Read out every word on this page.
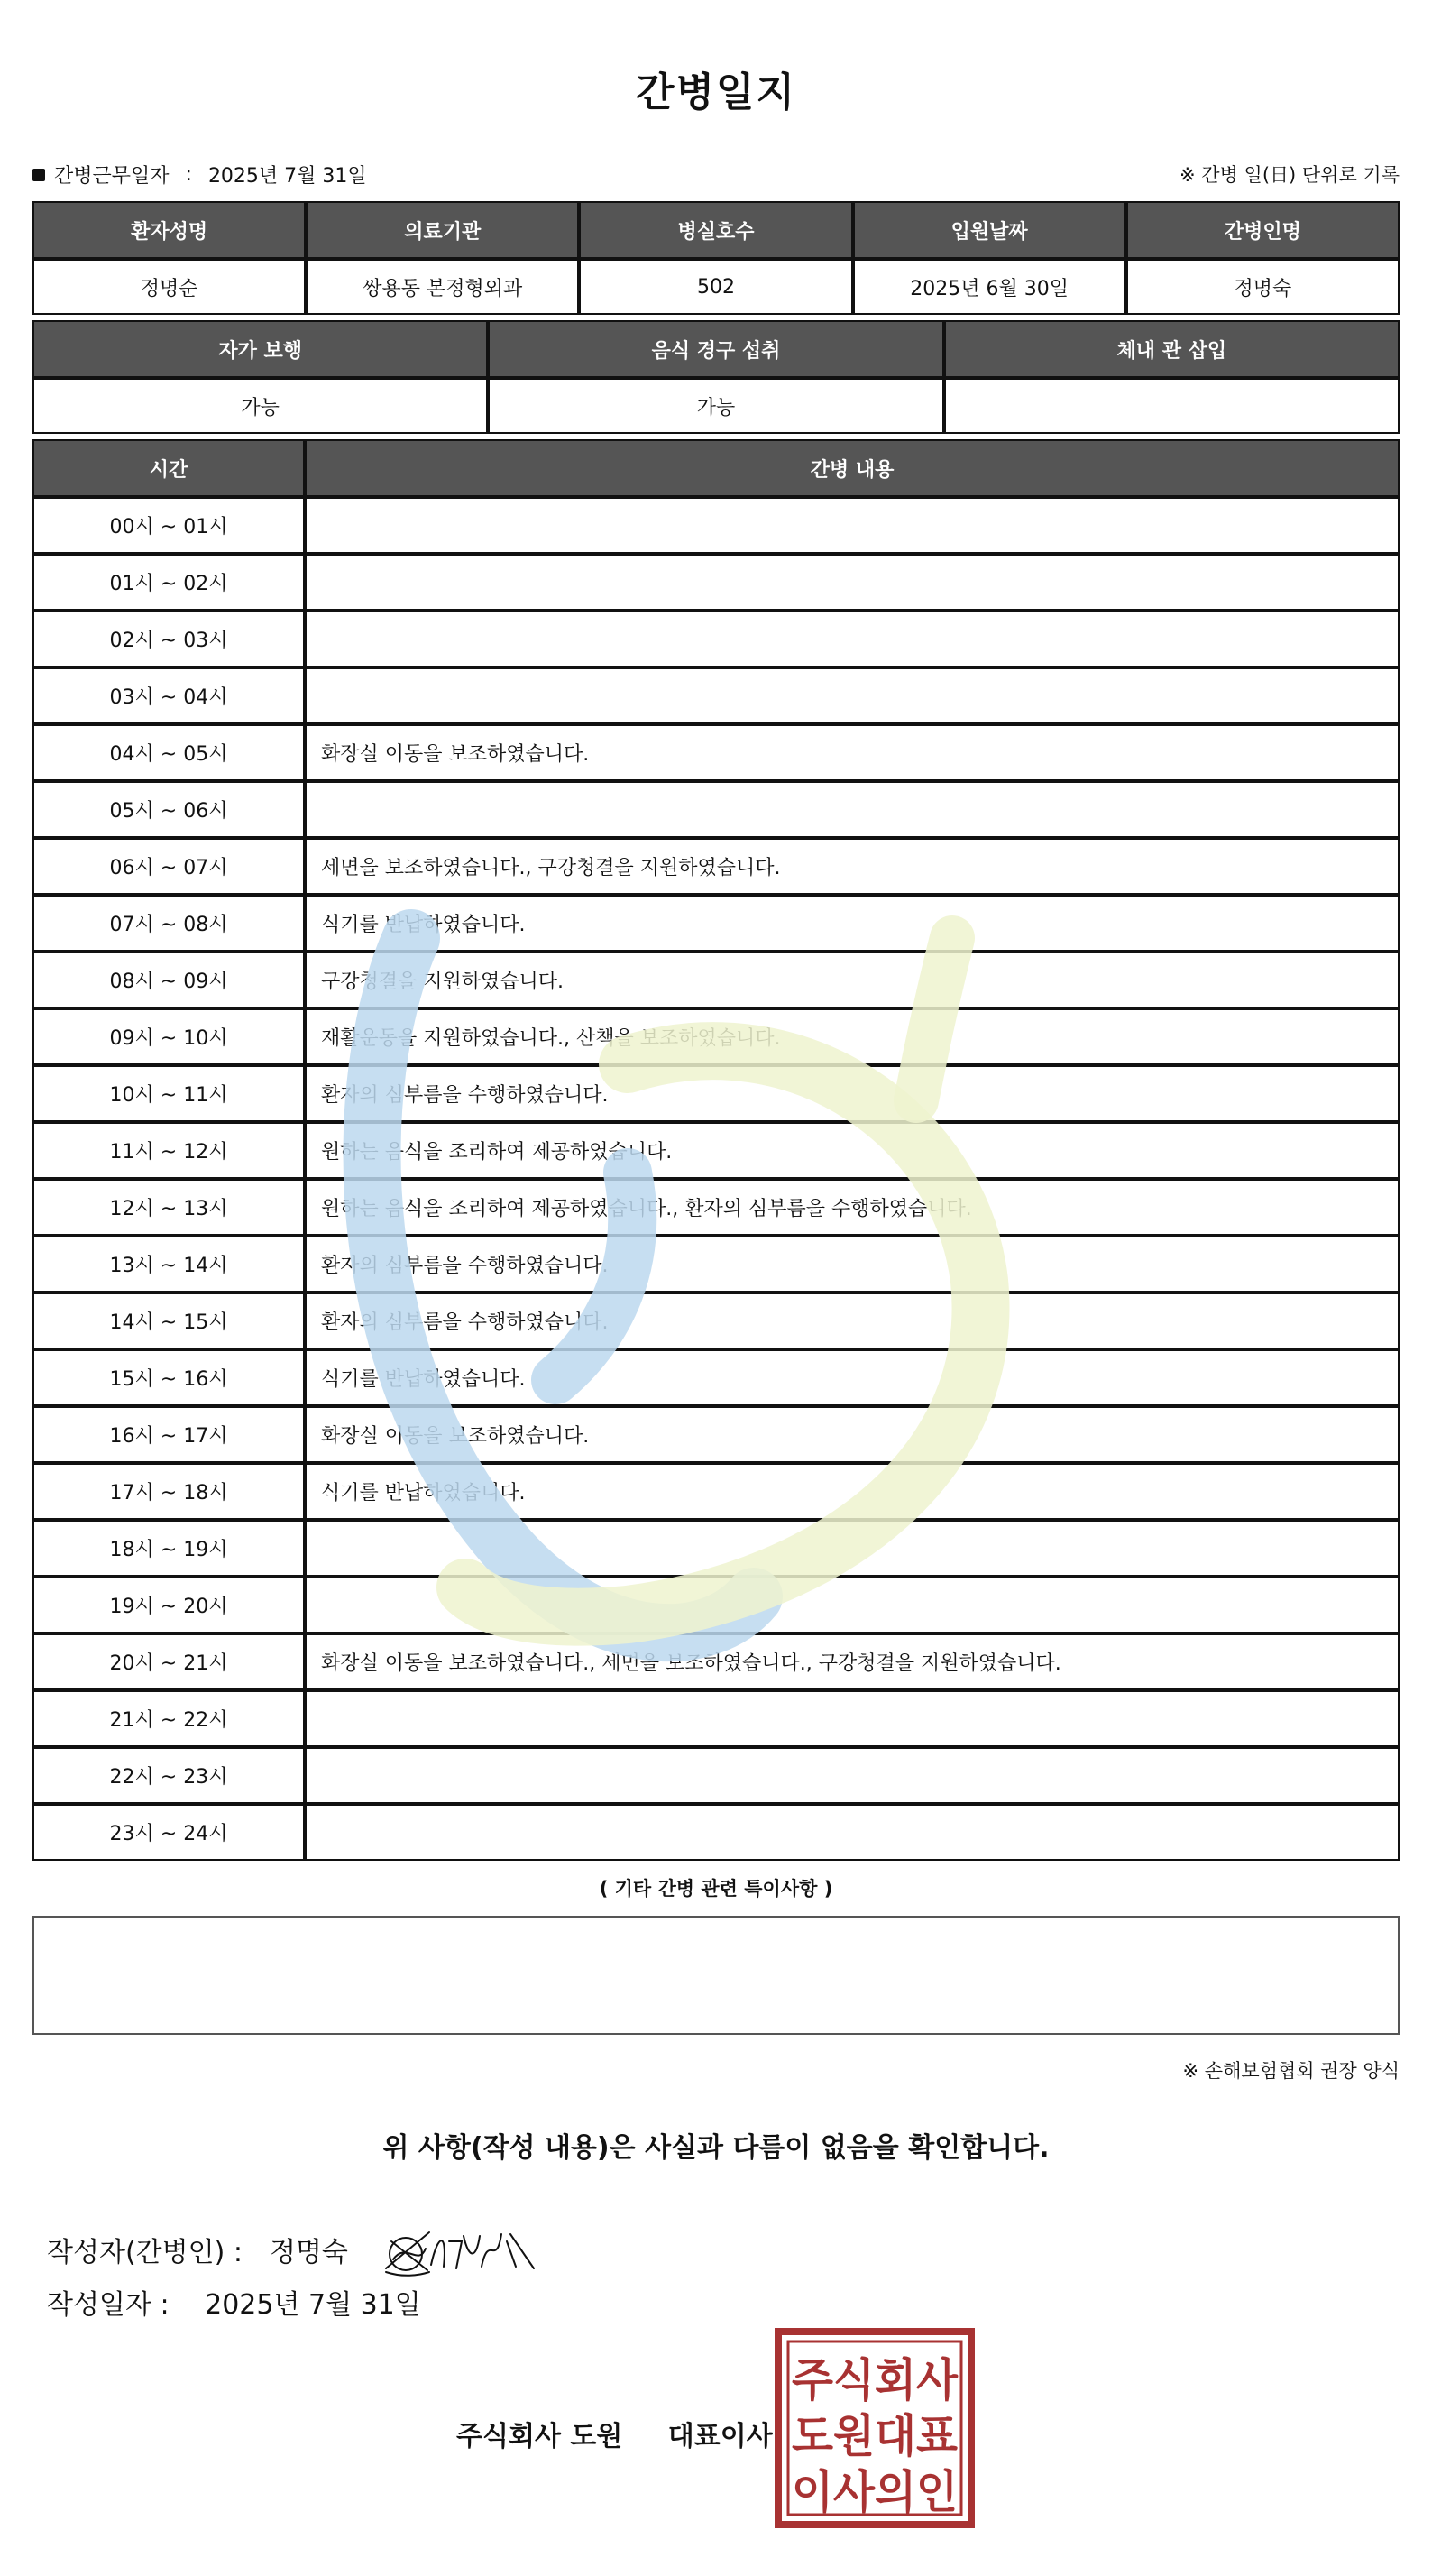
간병일지
간병근무일자 : 2025년 7월 31일	※ 간병 일(日) 단위로 기록
환자성명	의료기관	병실호수	입원날짜	간병인명
정명순	쌍용동 본정형외과	502	2025년 6월 30일	정명숙
자가 보행	음식 경구 섭취	체내 관 삽입
가능	가능	
시간	간병 내용
00시 ~ 01시	
01시 ~ 02시	
02시 ~ 03시	
03시 ~ 04시	
04시 ~ 05시	화장실 이동을 보조하였습니다.
05시 ~ 06시	
06시 ~ 07시	세면을 보조하였습니다., 구강청결을 지원하였습니다.
07시 ~ 08시	식기를 반납하였습니다.
08시 ~ 09시	구강청결을 지원하였습니다.
09시 ~ 10시	재활운동을 지원하였습니다., 산책을 보조하였습니다.
10시 ~ 11시	환자의 심부름을 수행하였습니다.
11시 ~ 12시	원하는 음식을 조리하여 제공하였습니다.
12시 ~ 13시	원하는 음식을 조리하여 제공하였습니다., 환자의 심부름을 수행하였습니다.
13시 ~ 14시	환자의 심부름을 수행하였습니다.
14시 ~ 15시	환자의 심부름을 수행하였습니다.
15시 ~ 16시	식기를 반납하였습니다.
16시 ~ 17시	화장실 이동을 보조하였습니다.
17시 ~ 18시	식기를 반납하였습니다.
18시 ~ 19시	
19시 ~ 20시	
20시 ~ 21시	화장실 이동을 보조하였습니다., 세면을 보조하였습니다., 구강청결을 지원하였습니다.
21시 ~ 22시	
22시 ~ 23시	
23시 ~ 24시	
( 기타 간병 관련 특이사항 )
※ 손해보험협회 권장 양식
위 사항(작성 내용)은 사실과 다름이 없음을 확인합니다.
작성자(간병인) : 정명숙
작성일자 : 2025년 7월 31일
주식회사 도원 대표이사
주식회사
도원대표
이사의인
